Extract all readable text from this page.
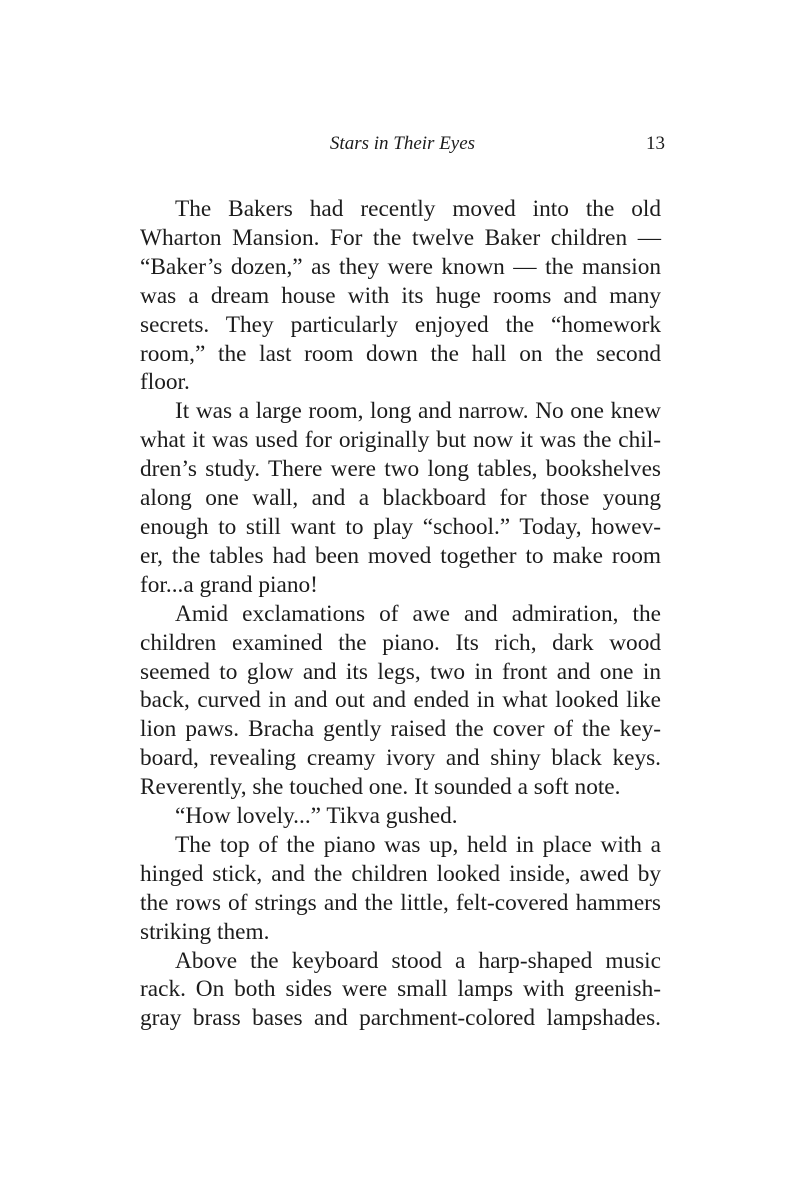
Stars in Their Eyes	13

The Bakers had recently moved into the old
Wharton Mansion. For the twelve Baker children —
“Baker’s dozen,” as they were known — the mansion
was a dream house with its huge rooms and many
secrets. They particularly enjoyed the “homework
room,” the last room down the hall on the second
floor.

It was a large room, long and narrow. No one knew
what it was used for originally but now it was the chil-
dren’s study. There were two long tables, bookshelves
along one wall, and a blackboard for those young
enough to still want to play “school.” Today, howev-
er, the tables had been moved together to make room
for...a grand piano!

Amid exclamations of awe and admiration, the
children examined the piano. Its rich, dark wood
seemed to glow and its legs, two in front and one in
back, curved in and out and ended in what looked like
lion paws. Bracha gently raised the cover of the key-
board, revealing creamy ivory and shiny black keys.
Reverently, she touched one. It sounded a soft note.

“How lovely...” Tikva gushed.

The top of the piano was up, held in place with a
hinged stick, and the children looked inside, awed by
the rows of strings and the little, felt-covered hammers
striking them.

Above the keyboard stood a harp-shaped music
rack. On both sides were small lamps with greenish-
gray brass bases and parchment-colored lampshades.
